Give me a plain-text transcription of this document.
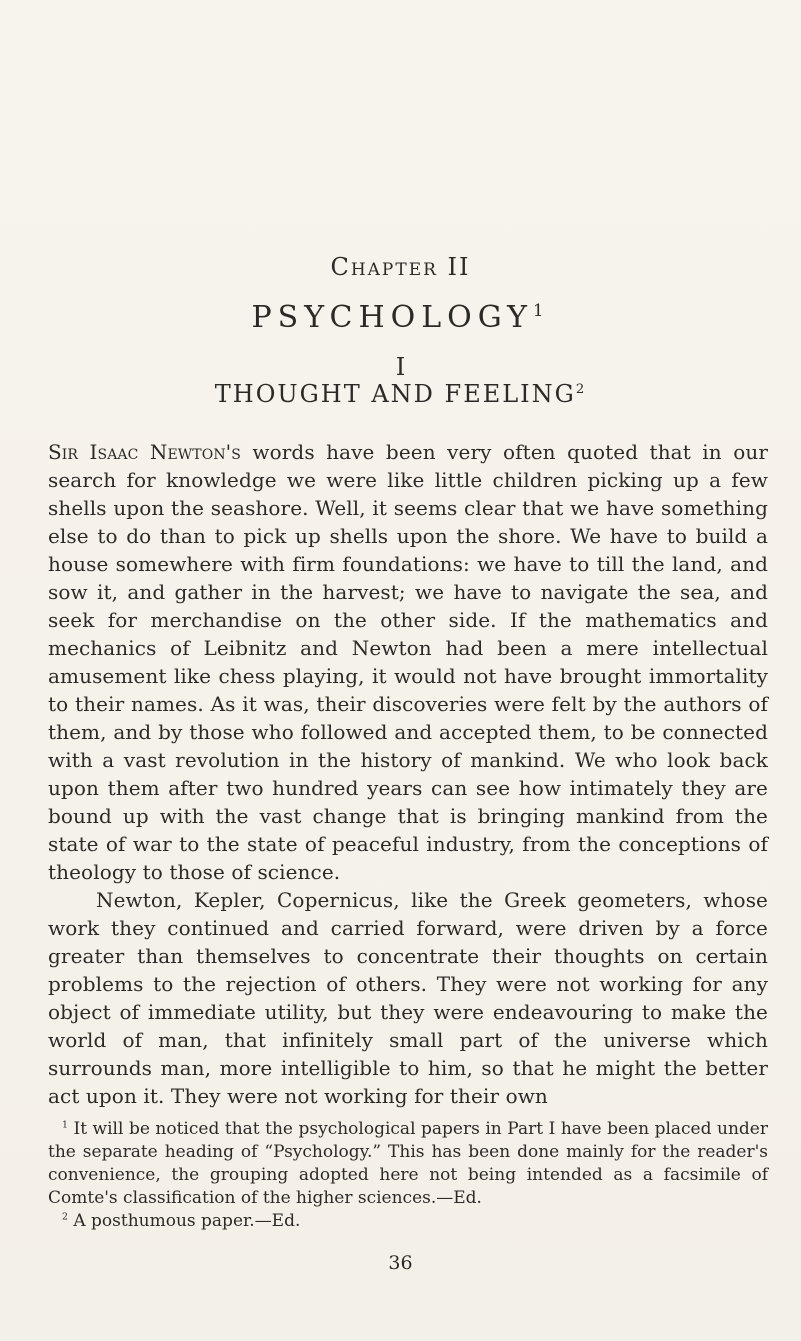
Chapter II
PSYCHOLOGY$^1$
I
THOUGHT AND FEELING$^2$

Sir Isaac Newton's words have been very often quoted that in our search for knowledge we were like little children picking up a few shells upon the seashore. Well, it seems clear that we have something else to do than to pick up shells upon the shore. We have to build a house somewhere with firm foundations: we have to till the land, and sow it, and gather in the harvest; we have to navigate the sea, and seek for merchandise on the other side. If the mathematics and mechanics of Leibnitz and Newton had been a mere intellectual amusement like chess playing, it would not have brought immortality to their names. As it was, their discoveries were felt by the authors of them, and by those who followed and accepted them, to be connected with a vast revolution in the history of mankind. We who look back upon them after two hundred years can see how intimately they are bound up with the vast change that is bringing mankind from the state of war to the state of peaceful industry, from the conceptions of theology to those of science.

Newton, Kepler, Copernicus, like the Greek geometers, whose work they continued and carried forward, were driven by a force greater than themselves to concentrate their thoughts on certain problems to the rejection of others. They were not working for any object of immediate utility, but they were endeavouring to make the world of man, that infinitely small part of the universe which surrounds man, more intelligible to him, so that he might the better act upon it. They were not working for their own

$^1$ It will be noticed that the psychological papers in Part I have been placed under the separate heading of “Psychology.” This has been done mainly for the reader's convenience, the grouping adopted here not being intended as a facsimile of Comte's classification of the higher sciences.—Ed.

$^2$ A posthumous paper.—Ed.

36
